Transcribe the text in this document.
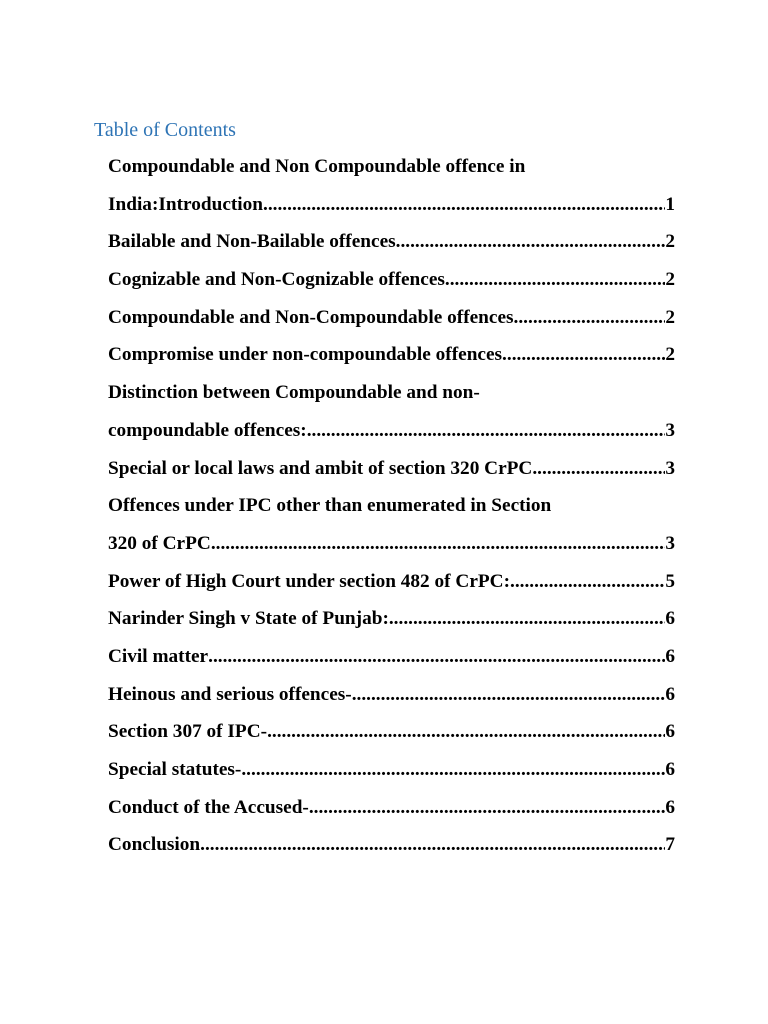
Table of Contents
Compoundable and Non Compoundable offence in
India:Introduction .....	1
Bailable and Non-Bailable offences .....	2
Cognizable and Non-Cognizable offences .....	2
Compoundable and Non-Compoundable offences .....	2
Compromise under non-compoundable offences .....	2
Distinction between Compoundable and non-
compoundable offences: .....	3
Special or local laws and ambit of section 320 CrPC .....	3
Offences under IPC other than enumerated in Section
320 of CrPC .....	3
Power of High Court under section 482 of CrPC: .....	5
Narinder Singh v State of Punjab: .....	6
Civil matter .....	6
Heinous and serious offences- .....	6
Section 307 of IPC- .....	6
Special statutes- .....	6
Conduct of the Accused- .....	6
Conclusion .....	7
